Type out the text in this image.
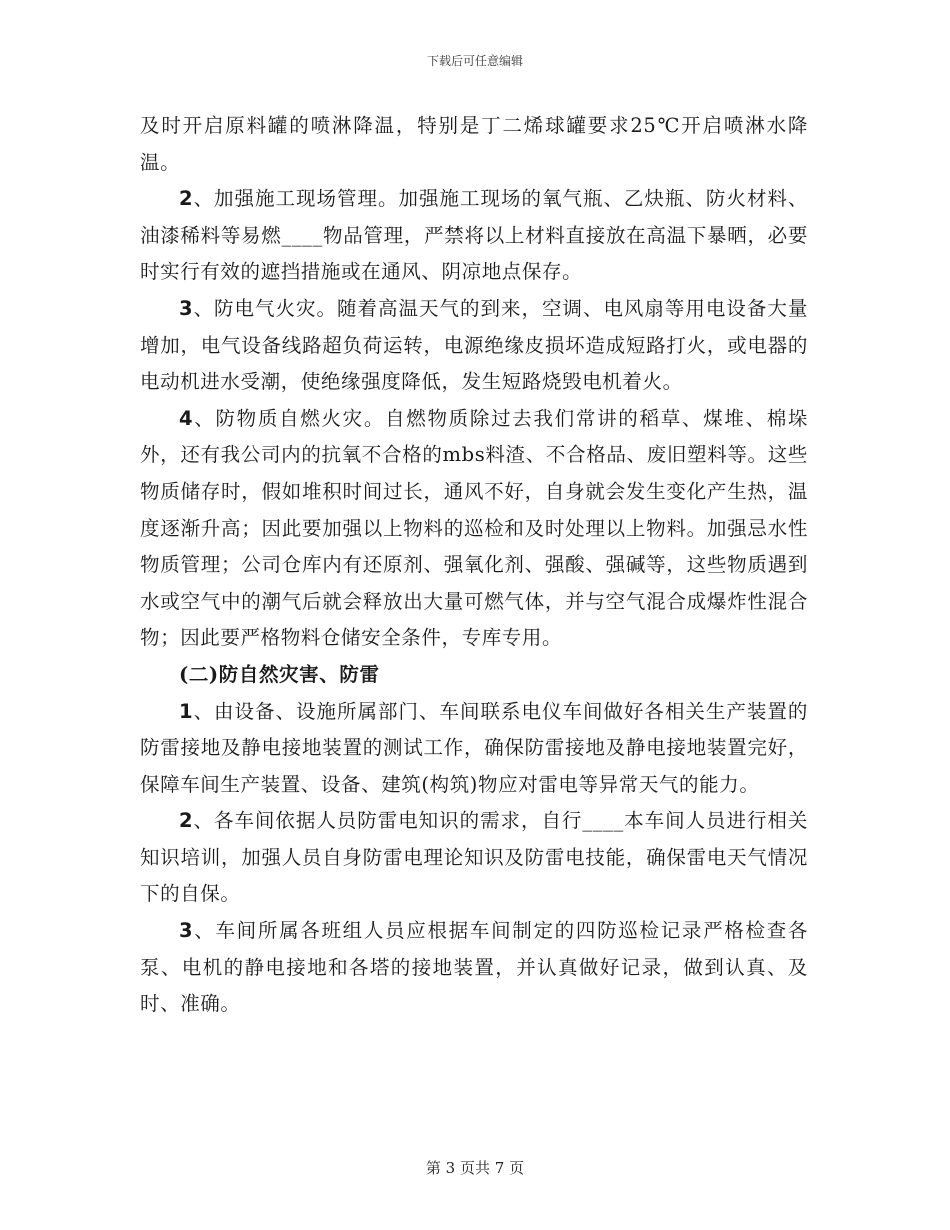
下载后可任意编辑

及时开启原料罐的喷淋降温，特别是丁二烯球罐要求25℃开启喷淋水降温。

2、加强施工现场管理。加强施工现场的氧气瓶、乙炔瓶、防火材料、油漆稀料等易燃____物品管理，严禁将以上材料直接放在高温下暴晒，必要时实行有效的遮挡措施或在通风、阴凉地点保存。

3、防电气火灾。随着高温天气的到来，空调、电风扇等用电设备大量增加，电气设备线路超负荷运转，电源绝缘皮损坏造成短路打火，或电器的电动机进水受潮，使绝缘强度降低，发生短路烧毁电机着火。

4、防物质自燃火灾。自燃物质除过去我们常讲的稻草、煤堆、棉垛外，还有我公司内的抗氧不合格的mbs料渣、不合格品、废旧塑料等。这些物质储存时，假如堆积时间过长，通风不好，自身就会发生变化产生热，温度逐渐升高；因此要加强以上物料的巡检和及时处理以上物料。加强忌水性物质管理；公司仓库内有还原剂、强氧化剂、强酸、强碱等，这些物质遇到水或空气中的潮气后就会释放出大量可燃气体，并与空气混合成爆炸性混合物；因此要严格物料仓储安全条件，专库专用。

(二)防自然灾害、防雷

1、由设备、设施所属部门、车间联系电仪车间做好各相关生产装置的防雷接地及静电接地装置的测试工作，确保防雷接地及静电接地装置完好，保障车间生产装置、设备、建筑(构筑)物应对雷电等异常天气的能力。

2、各车间依据人员防雷电知识的需求，自行____本车间人员进行相关知识培训，加强人员自身防雷电理论知识及防雷电技能，确保雷电天气情况下的自保。

3、车间所属各班组人员应根据车间制定的四防巡检记录严格检查各泵、电机的静电接地和各塔的接地装置，并认真做好记录，做到认真、及时、准确。

第 3 页共 7 页
